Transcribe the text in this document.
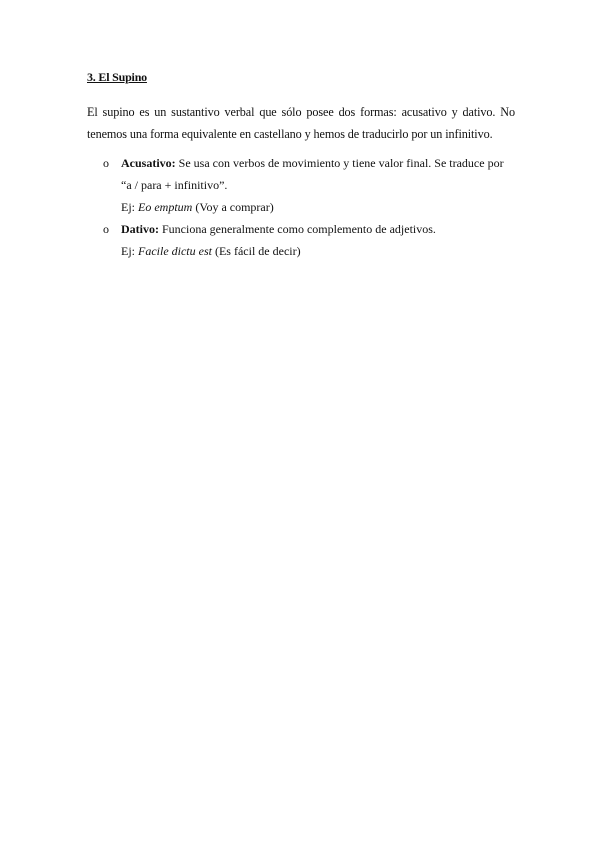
3. El Supino
El supino es un sustantivo verbal que sólo posee dos formas: acusativo y dativo. No tenemos una forma equivalente en castellano y hemos de traducirlo por un infinitivo.
o Acusativo: Se usa con verbos de movimiento y tiene valor final. Se traduce por “a / para + infinitivo”.
Ej: Eo emptum (Voy a comprar)
o Dativo: Funciona generalmente como complemento de adjetivos.
Ej: Facile dictu est (Es fácil de decir)
